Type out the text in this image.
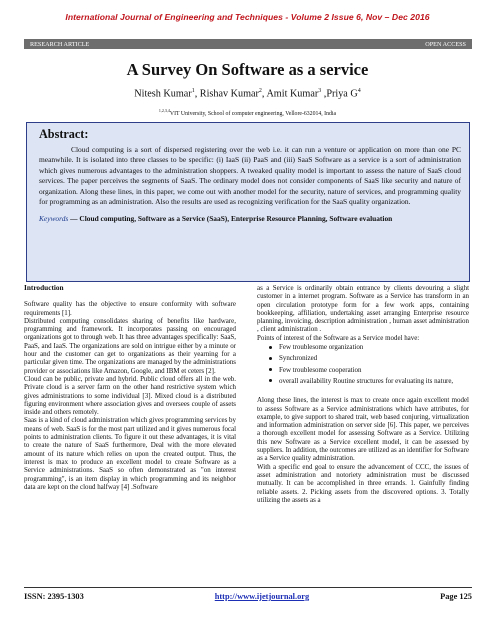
International Journal of Engineering and Techniques - Volume 2 Issue 6, Nov – Dec 2016
RESEARCH ARTICLE	OPEN ACCESS
A Survey On Software as a service
Nitesh Kumar$^1$, Rishav Kumar$^2$, Amit Kumar$^3$ ,Priya $G^4$
$^{1,2,3,4}$VIT University, School of computer engineering, Vellore-632014, India
Abstract:

Cloud computing is a sort of dispersed registering over the web i.e. it can run a venture or application on more than one PC meanwhile. It is isolated into three classes to be specific: (i) IaaS (ii) PaaS and (iii) SaaS Software as a service is a sort of administration which gives numerous advantages to the administration shoppers. A tweaked quality model is important to assess the nature of SaaS cloud services. The paper perceives the segments of SaaS. The ordinary model does not consider components of SaaS like security and nature of organization. Along these lines, in this paper, we come out with another model for the security, nature of services, and programming quality for programming as an administration. Also the results are used as recognizing verification for the SaaS quality organization.

Keywords — Cloud computing, Software as a Service (SaaS), Enterprise Resource Planning, Software evaluation
Introduction

Software quality has the objective to ensure conformity with software requirements [1].

Distributed computing consolidates sharing of benefits like hardware, programming and framework. It incorporates passing on encouraged organizations got to through web. It has three advantages specifically: SaaS, PaaS, and IaaS. The organizations are sold on intrigue either by a minute or hour and the customer can get to organizations as their yearning for a particular given time. The organizations are managed by the administrations provider or associations like Amazon, Google, and IBM et ceters [2].

Cloud can be public, private and hybrid. Public cloud offers all in the web. Private cloud is a server farm on the other hand restrictive system which gives administrations to some individual [3]. Mixed cloud is a distributed figuring environment where association gives and oversees couple of assets inside and others remotely.

Saas is a kind of cloud administration which gives programming services by means of web. SaaS is for the most part utilized and it gives numerous focal points to administration clients. To figure it out these advantages, it is vital to create the nature of SaaS furthermore, Deal with the more elevated amount of its nature which relies on upon the created output. Thus, the interest is max to produce an excellent model to create Software as a Service administrations. SaaS so often demonstrated as "on interest programming", is an item display in which programming and its neighbor data are kept on the cloud halfway [4] .Software

as a Service is ordinarily obtain entrance by clients devouring a slight customer in a internet program. Software as a Service has transform in an open circulation prototype form for a few work apps, containing bookkeeping, affiliation, undertaking asset arranging Enterprise resource planning, invoicing, description administration , human asset administration , client administration .

Points of interest of the Software as a Service model have:

Few troublesome organization
Synchronized
Few troublesome cooperation
overall availability Routine structures for evaluating its nature,

Along these lines, the interest is max to create once again excellent model to assess Software as a Service administrations which have attributes, for example, to give support to shared trait, web based conjuring, virtualization and information administration on server side [6]. This paper, we perceives a thorough excellent model for assessing Software as a Service. Utilizing this new Software as a Service excellent model, it can be assessed by suppliers. In addition, the outcomes are utilized as an identifier for Software as a Service quality administration.

With a specific end goal to ensure the advancement of CCC, the issues of asset administration and notoriety administration must be discussed mutually. It can be accomplished in three errands. 1. Gainfully finding reliable assets. 2. Picking assets from the discovered options. 3. Totally utilizing the assets as a

ISSN: 2395-1303	http://www.ijetjournal.org	Page 125
